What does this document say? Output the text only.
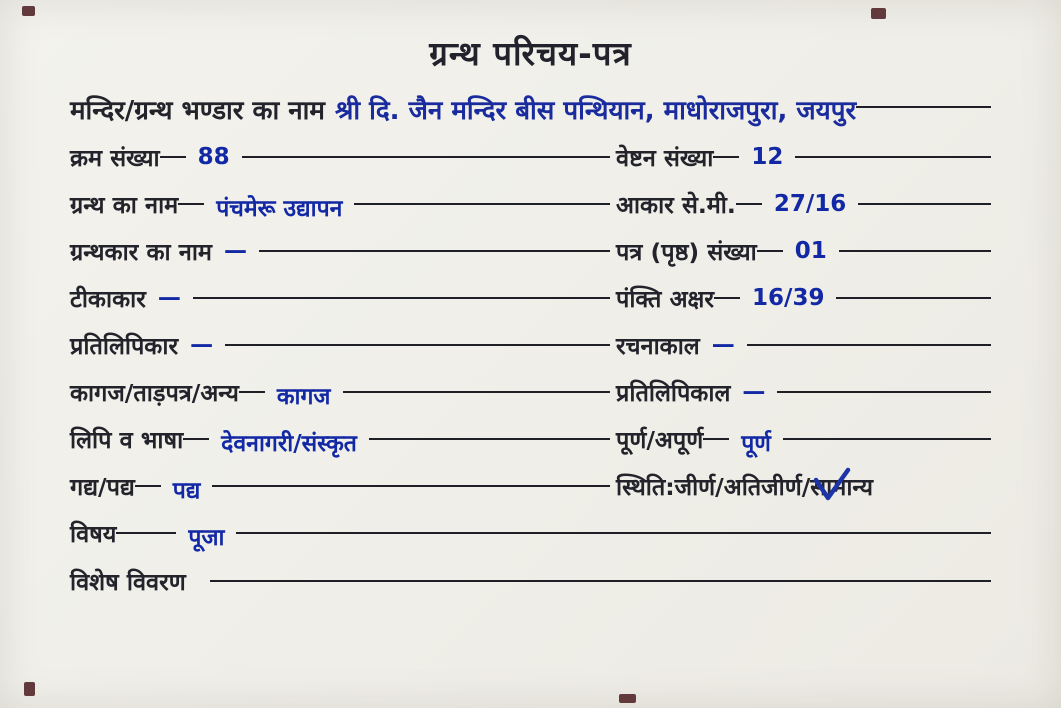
ग्रन्थ परिचय-पत्र
मन्दिर/ग्रन्थ भण्डार का नाम श्री दि. जैन मन्दिर बीस पन्थियान, माधोराजपुरा, जयपुर
क्रम संख्या	88	वेष्टन संख्या	12
ग्रन्थ का नाम	पंचमेरू उद्यापन	आकार से.मी.	27/16
ग्रन्थकार का नाम —	पत्र (पृष्ठ) संख्या	01
टीकाकार —	पंक्ति अक्षर	16/39
प्रतिलिपिकार —	रचनाकाल —
कागज/ताड़पत्र/अन्य	कागज	प्रतिलिपिकाल —
लिपि व भाषा	देवनागरी/संस्कृत	पूर्ण/अपूर्ण	पूर्ण
गद्य/पद्य	पद्य	स्थिति:जीर्ण/अतिजीर्ण/ सामान्य
विषय	पूजा
विशेष विवरण
